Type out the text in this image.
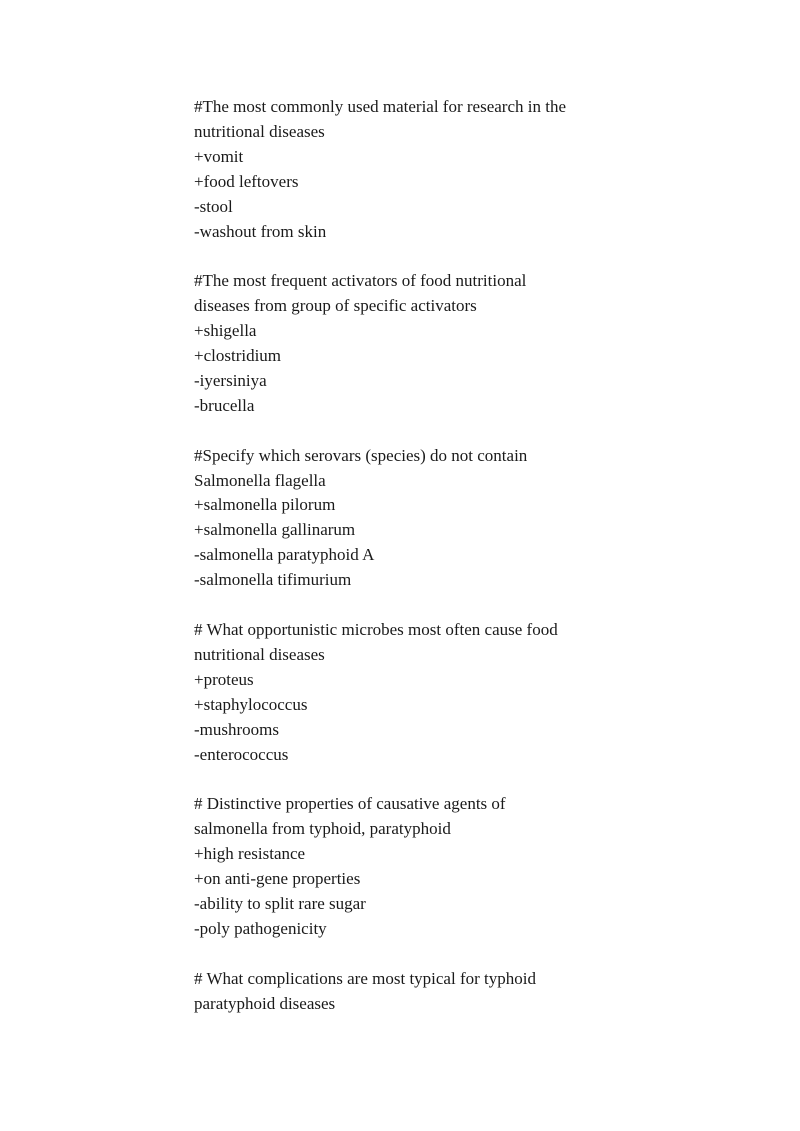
#The most commonly used material for research in the
nutritional diseases
+vomit
+food leftovers
-stool
-washout from skin
#The most frequent activators of food nutritional
diseases from group of specific activators
+shigella
+clostridium
-iyersiniya
-brucella
#Specify which serovars (species) do not contain
Salmonella flagella
+salmonella pilorum
+salmonella gallinarum
-salmonella paratyphoid A
-salmonella tifimurium
# What opportunistic microbes most often cause food
nutritional diseases
+proteus
+staphylococcus
-mushrooms
-enterococcus
# Distinctive properties of causative agents of
salmonella from typhoid, paratyphoid
+high resistance
+on anti-gene properties
-ability to split rare sugar
-poly pathogenicity
# What complications are most typical for typhoid
paratyphoid diseases
